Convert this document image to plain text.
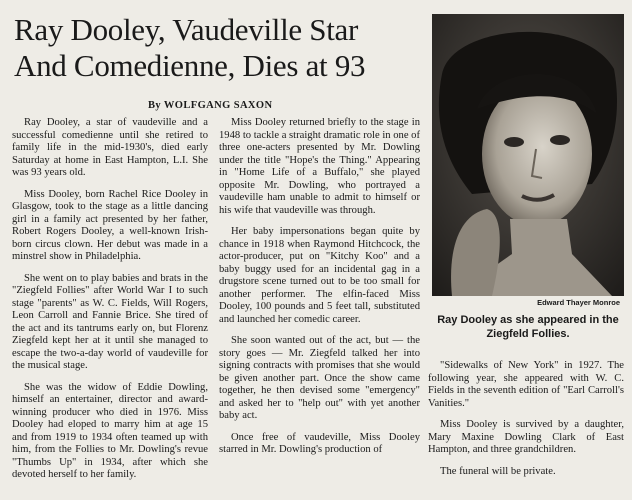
Ray Dooley, Vaudeville Star
And Comedienne, Dies at 93
By WOLFGANG SAXON

Ray Dooley, a star of vaudeville and a successful comedienne until she retired to family life in the mid-1930's, died early Saturday at home in East Hampton, L.I. She was 93 years old.

Miss Dooley, born Rachel Rice Dooley in Glasgow, took to the stage as a little dancing girl in a family act presented by her father, Robert Rogers Dooley, a well-known Irish-born circus clown. Her debut was made in a minstrel show in Philadelphia.

She went on to play babies and brats in the "Ziegfeld Follies" after World War I to such stage "parents" as W. C. Fields, Will Rogers, Leon Carroll and Fannie Brice. She tired of the act and its tantrums early on, but Florenz Ziegfeld kept her at it until she managed to escape the two-a-day world of vaudeville for the musical stage.

She was the widow of Eddie Dowling, himself an entertainer, director and award-winning producer who died in 1976. Miss Dooley had eloped to marry him at age 15 and from 1919 to 1934 often teamed up with him, from the Follies to Mr. Dowling's revue "Thumbs Up" in 1934, after which she devoted herself to her family.

Miss Dooley returned briefly to the stage in 1948 to tackle a straight dramatic role in one of three one-acters presented by Mr. Dowling under the title "Hope's the Thing." Appearing in "Home Life of a Buffalo," she played opposite Mr. Dowling, who portrayed a vaudeville ham unable to admit to himself or his wife that vaudeville was through.

Her baby impersonations began quite by chance in 1918 when Raymond Hitchcock, the actor-producer, put on "Kitchy Koo" and a baby buggy used for an incidental gag in a drugstore scene turned out to be too small for another performer. The elfin-faced Miss Dooley, 100 pounds and 5 feet tall, substituted and launched her comedic career.

She soon wanted out of the act, but — the story goes — Mr. Ziegfeld talked her into signing contracts with promises that she would be given another part. Once the show came together, he then devised some "emergency" and asked her to "help out" with yet another baby act.

Once free of vaudeville, Miss Dooley starred in Mr. Dowling's production of

Edward Thayer Monroe
Ray Dooley as she appeared in the Ziegfeld Follies.

"Sidewalks of New York" in 1927. The following year, she appeared with W. C. Fields in the seventh edition of "Earl Carroll's Vanities."

Miss Dooley is survived by a daughter, Mary Maxine Dowling Clark of East Hampton, and three grandchildren.

The funeral will be private.
